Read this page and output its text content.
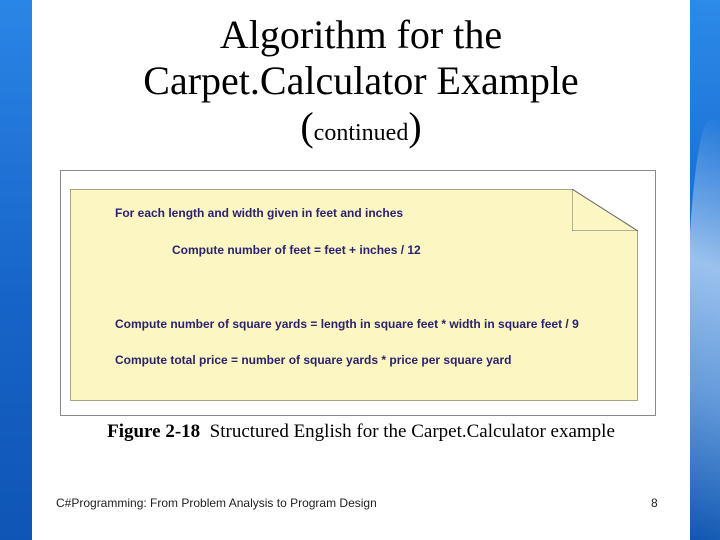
Algorithm for the
Carpet.Calculator Example
(continued)
For each length and width given in feet and inches
Compute number of feet = feet + inches / 12
Compute number of square yards = length in square feet * width in square feet / 9
Compute total price = number of square yards * price per square yard
Figure 2-18 Structured English for the Carpet.Calculator example
C#Programming: From Problem Analysis to Program Design	8
